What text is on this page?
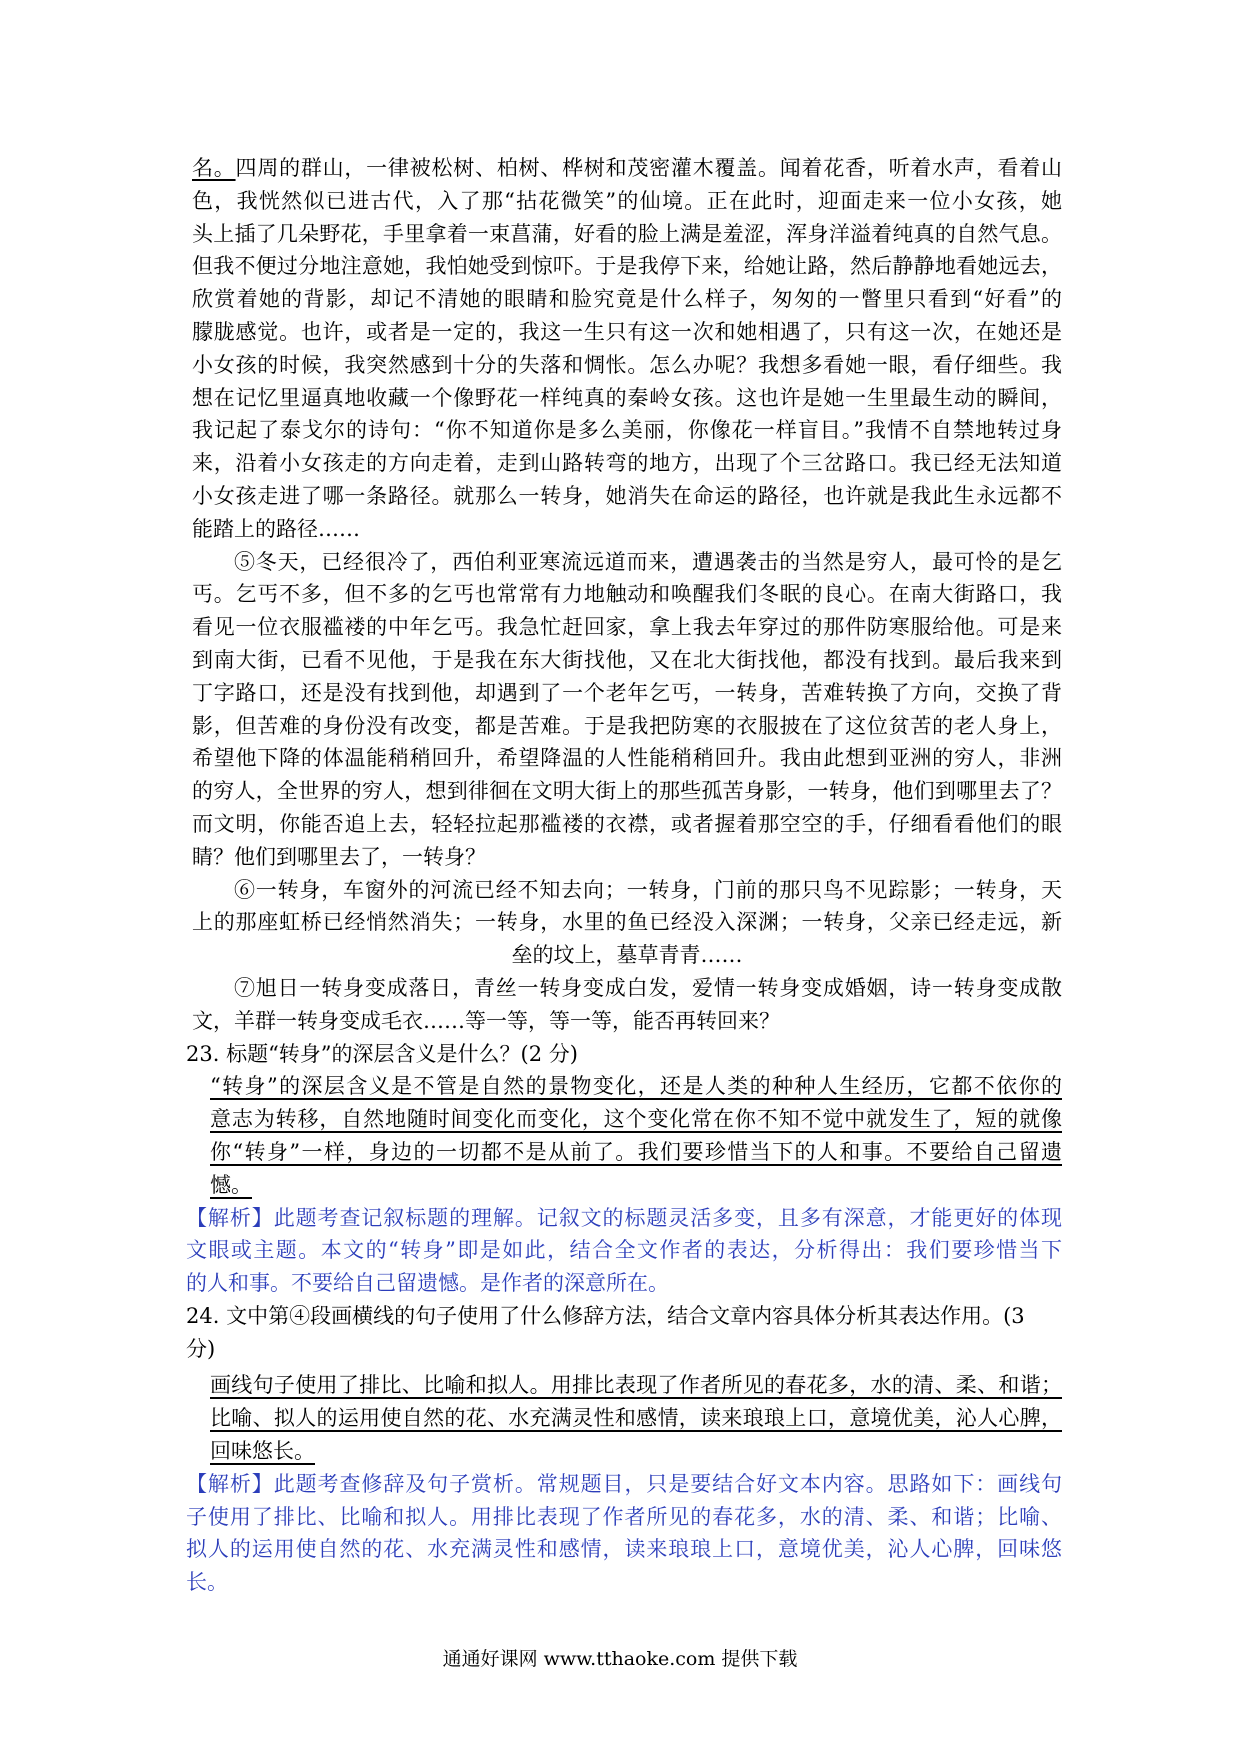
名。四周的群山，一律被松树、柏树、桦树和茂密灌木覆盖。闻着花香，听着水声，看着山
色，我恍然似已进古代，入了那“拈花微笑”的仙境。正在此时，迎面走来一位小女孩，她
头上插了几朵野花，手里拿着一束菖蒲，好看的脸上满是羞涩，浑身洋溢着纯真的自然气息。
但我不便过分地注意她，我怕她受到惊吓。于是我停下来，给她让路，然后静静地看她远去，
欣赏着她的背影，却记不清她的眼睛和脸究竟是什么样子，匆匆的一瞥里只看到“好看”的
朦胧感觉。也许，或者是一定的，我这一生只有这一次和她相遇了，只有这一次，在她还是
小女孩的时候，我突然感到十分的失落和惆怅。怎么办呢？我想多看她一眼，看仔细些。我
想在记忆里逼真地收藏一个像野花一样纯真的秦岭女孩。这也许是她一生里最生动的瞬间，
我记起了泰戈尔的诗句：“你不知道你是多么美丽，你像花一样盲目。”我情不自禁地转过身
来，沿着小女孩走的方向走着，走到山路转弯的地方，出现了个三岔路口。我已经无法知道
小女孩走进了哪一条路径。就那么一转身，她消失在命运的路径，也许就是我此生永远都不
能踏上的路径……
⑤冬天，已经很冷了，西伯利亚寒流远道而来，遭遇袭击的当然是穷人，最可怜的是乞
丐。乞丐不多，但不多的乞丐也常常有力地触动和唤醒我们冬眠的良心。在南大街路口，我
看见一位衣服褴褛的中年乞丐。我急忙赶回家，拿上我去年穿过的那件防寒服给他。可是来
到南大街，已看不见他，于是我在东大街找他，又在北大街找他，都没有找到。最后我来到
丁字路口，还是没有找到他，却遇到了一个老年乞丐，一转身，苦难转换了方向，交换了背
影，但苦难的身份没有改变，都是苦难。于是我把防寒的衣服披在了这位贫苦的老人身上，
希望他下降的体温能稍稍回升，希望降温的人性能稍稍回升。我由此想到亚洲的穷人，非洲
的穷人，全世界的穷人，想到徘徊在文明大街上的那些孤苦身影，一转身，他们到哪里去了？
而文明，你能否追上去，轻轻拉起那褴褛的衣襟，或者握着那空空的手，仔细看看他们的眼
睛？他们到哪里去了，一转身？
⑥一转身，车窗外的河流已经不知去向；一转身，门前的那只鸟不见踪影；一转身，天
上的那座虹桥已经悄然消失；一转身，水里的鱼已经没入深渊；一转身，父亲已经走远，新
垒的坟上，墓草青青……
⑦旭日一转身变成落日，青丝一转身变成白发，爱情一转身变成婚姻，诗一转身变成散
文，羊群一转身变成毛衣……等一等，等一等，能否再转回来？
23. 标题“转身”的深层含义是什么？(2 分)
“转身”的深层含义是不管是自然的景物变化，还是人类的种种人生经历，它都不依你的
意志为转移，自然地随时间变化而变化，这个变化常在你不知不觉中就发生了，短的就像
你“转身”一样，身边的一切都不是从前了。我们要珍惜当下的人和事。不要给自己留遗
憾。
【解析】此题考查记叙标题的理解。记叙文的标题灵活多变，且多有深意，才能更好的体现
文眼或主题。本文的“转身”即是如此，结合全文作者的表达，分析得出：我们要珍惜当下
的人和事。不要给自己留遗憾。是作者的深意所在。
24. 文中第④段画横线的句子使用了什么修辞方法，结合文章内容具体分析其表达作用。(3
分)
画线句子使用了排比、比喻和拟人。用排比表现了作者所见的春花多，水的清、柔、和谐；
比喻、拟人的运用使自然的花、水充满灵性和感情，读来琅琅上口，意境优美，沁人心脾，
回味悠长。
【解析】此题考查修辞及句子赏析。常规题目，只是要结合好文本内容。思路如下：画线句
子使用了排比、比喻和拟人。用排比表现了作者所见的春花多，水的清、柔、和谐；比喻、
拟人的运用使自然的花、水充满灵性和感情，读来琅琅上口，意境优美，沁人心脾，回味悠
长。
通通好课网 www.tthaoke.com 提供下载
